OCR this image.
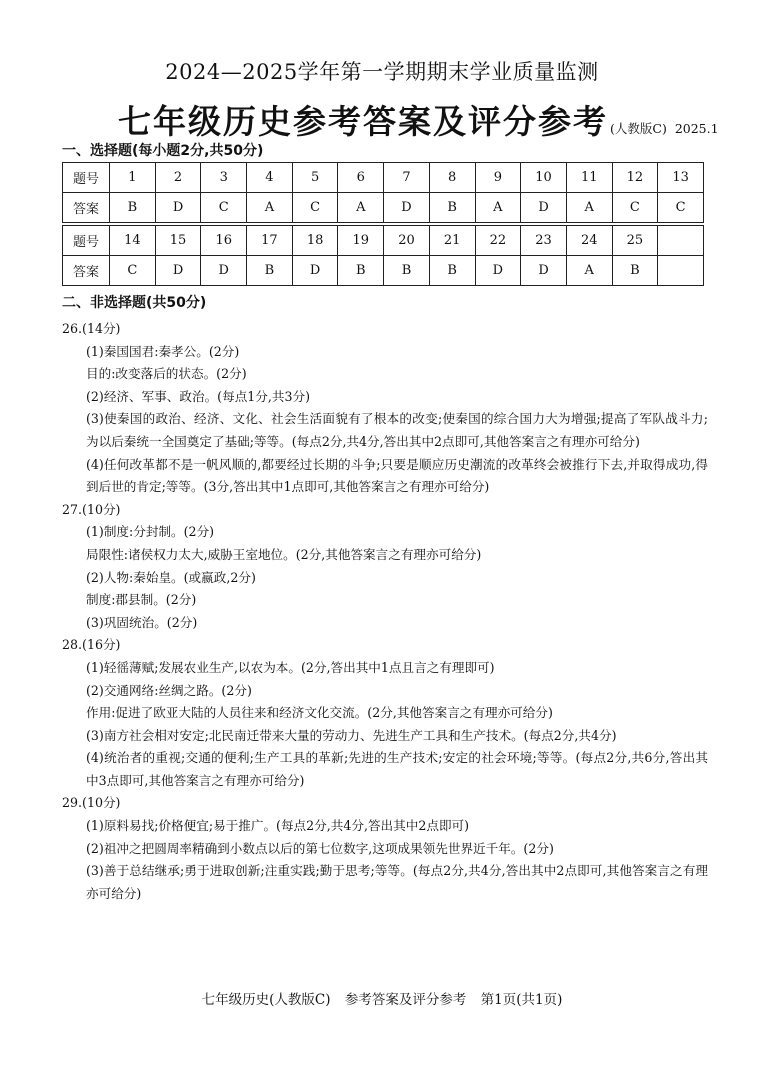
2024—2025学年第一学期期末学业质量监测
七年级历史参考答案及评分参考 (人教版C) 2025.1
一、选择题(每小题2分,共50分)
题号	1	2	3	4	5	6	7	8	9	10	11	12	13
答案	B	D	C	A	C	A	D	B	A	D	A	C	C

题号	14	15	16	17	18	19	20	21	22	23	24	25	
答案	C	D	D	B	D	B	B	B	D	D	A	B	
二、非选择题(共50分)
26.(14分)
(1)秦国国君:秦孝公。(2分)
目的:改变落后的状态。(2分)
(2)经济、军事、政治。(每点1分,共3分)
(3)使秦国的政治、经济、文化、社会生活面貌有了根本的改变;使秦国的综合国力大为增强;提高了军队战斗力;为以后秦统一全国奠定了基础;等等。(每点2分,共4分,答出其中2点即可,其他答案言之有理亦可给分)
(4)任何改革都不是一帆风顺的,都要经过长期的斗争;只要是顺应历史潮流的改革终会被推行下去,并取得成功,得到后世的肯定;等等。(3分,答出其中1点即可,其他答案言之有理亦可给分)
27.(10分)
(1)制度:分封制。(2分)
局限性:诸侯权力太大,威胁王室地位。(2分,其他答案言之有理亦可给分)
(2)人物:秦始皇。(或嬴政,2分)
制度:郡县制。(2分)
(3)巩固统治。(2分)
28.(16分)
(1)轻徭薄赋;发展农业生产,以农为本。(2分,答出其中1点且言之有理即可)
(2)交通网络:丝绸之路。(2分)
作用:促进了欧亚大陆的人员往来和经济文化交流。(2分,其他答案言之有理亦可给分)
(3)南方社会相对安定;北民南迁带来大量的劳动力、先进生产工具和生产技术。(每点2分,共4分)
(4)统治者的重视;交通的便利;生产工具的革新;先进的生产技术;安定的社会环境;等等。(每点2分,共6分,答出其中3点即可,其他答案言之有理亦可给分)
29.(10分)
(1)原料易找;价格便宜;易于推广。(每点2分,共4分,答出其中2点即可)
(2)祖冲之把圆周率精确到小数点以后的第七位数字,这项成果领先世界近千年。(2分)
(3)善于总结继承;勇于进取创新;注重实践;勤于思考;等等。(每点2分,共4分,答出其中2点即可,其他答案言之有理亦可给分)
七年级历史(人教版C) 参考答案及评分参考 第1页(共1页)
